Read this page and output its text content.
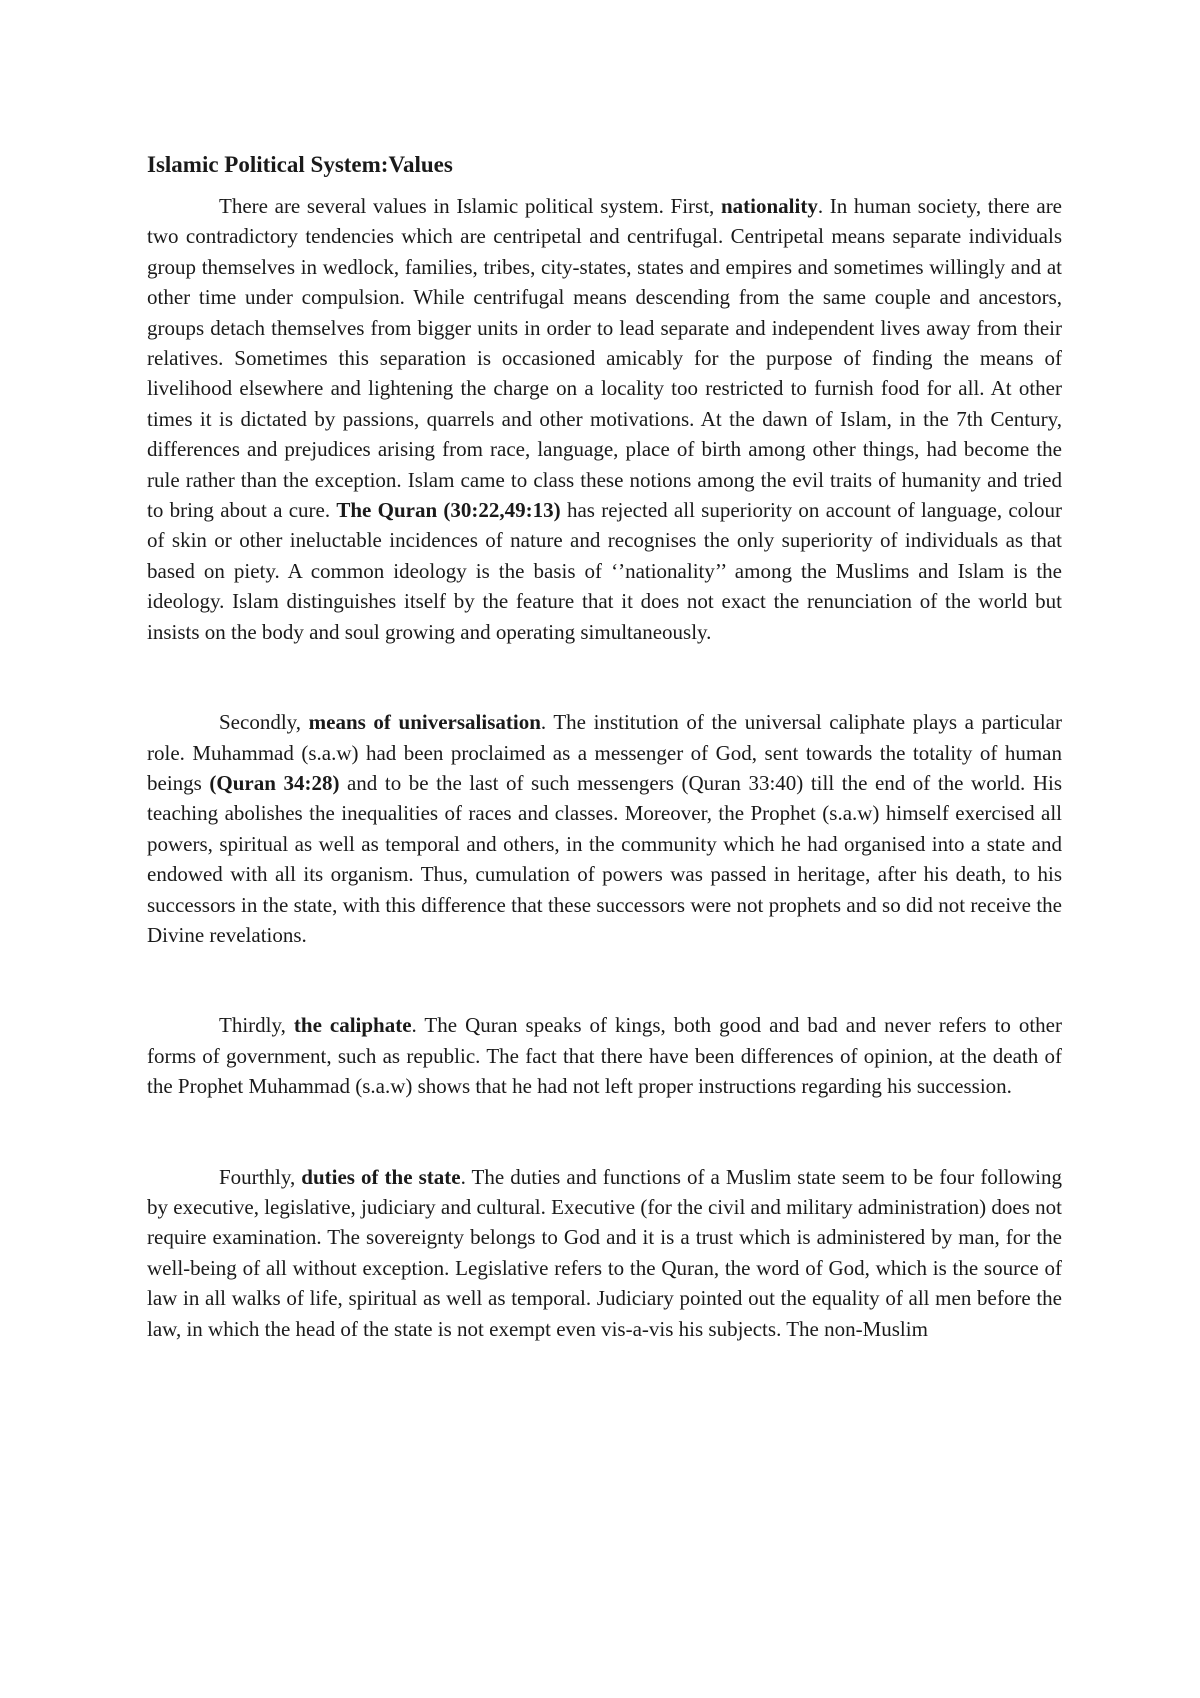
Islamic Political System:Values

There are several values in Islamic political system. First, nationality. In human society, there are two contradictory tendencies which are centripetal and centrifugal. Centripetal means separate individuals group themselves in wedlock, families, tribes, city-states, states and empires and sometimes willingly and at other time under compulsion. While centrifugal means descending from the same couple and ancestors, groups detach themselves from bigger units in order to lead separate and independent lives away from their relatives. Sometimes this separation is occasioned amicably for the purpose of finding the means of livelihood elsewhere and lightening the charge on a locality too restricted to furnish food for all. At other times it is dictated by passions, quarrels and other motivations. At the dawn of Islam, in the 7th Century, differences and prejudices arising from race, language, place of birth among other things, had become the rule rather than the exception. Islam came to class these notions among the evil traits of humanity and tried to bring about a cure. The Quran (30:22,49:13) has rejected all superiority on account of language, colour of skin or other ineluctable incidences of nature and recognises the only superiority of individuals as that based on piety. A common ideology is the basis of ‘’nationality’’ among the Muslims and Islam is the ideology. Islam distinguishes itself by the feature that it does not exact the renunciation of the world but insists on the body and soul growing and operating simultaneously.

Secondly, means of universalisation. The institution of the universal caliphate plays a particular role. Muhammad (s.a.w) had been proclaimed as a messenger of God, sent towards the totality of human beings (Quran 34:28) and to be the last of such messengers (Quran 33:40) till the end of the world. His teaching abolishes the inequalities of races and classes. Moreover, the Prophet (s.a.w) himself exercised all powers, spiritual as well as temporal and others, in the community which he had organised into a state and endowed with all its organism. Thus, cumulation of powers was passed in heritage, after his death, to his successors in the state, with this difference that these successors were not prophets and so did not receive the Divine revelations.

Thirdly, the caliphate. The Quran speaks of kings, both good and bad and never refers to other forms of government, such as republic. The fact that there have been differences of opinion, at the death of the Prophet Muhammad (s.a.w) shows that he had not left proper instructions regarding his succession.

Fourthly, duties of the state. The duties and functions of a Muslim state seem to be four following by executive, legislative, judiciary and cultural. Executive (for the civil and military administration) does not require examination. The sovereignty belongs to God and it is a trust which is administered by man, for the well-being of all without exception. Legislative refers to the Quran, the word of God, which is the source of law in all walks of life, spiritual as well as temporal. Judiciary pointed out the equality of all men before the law, in which the head of the state is not exempt even vis-a-vis his subjects. The non-Muslim
